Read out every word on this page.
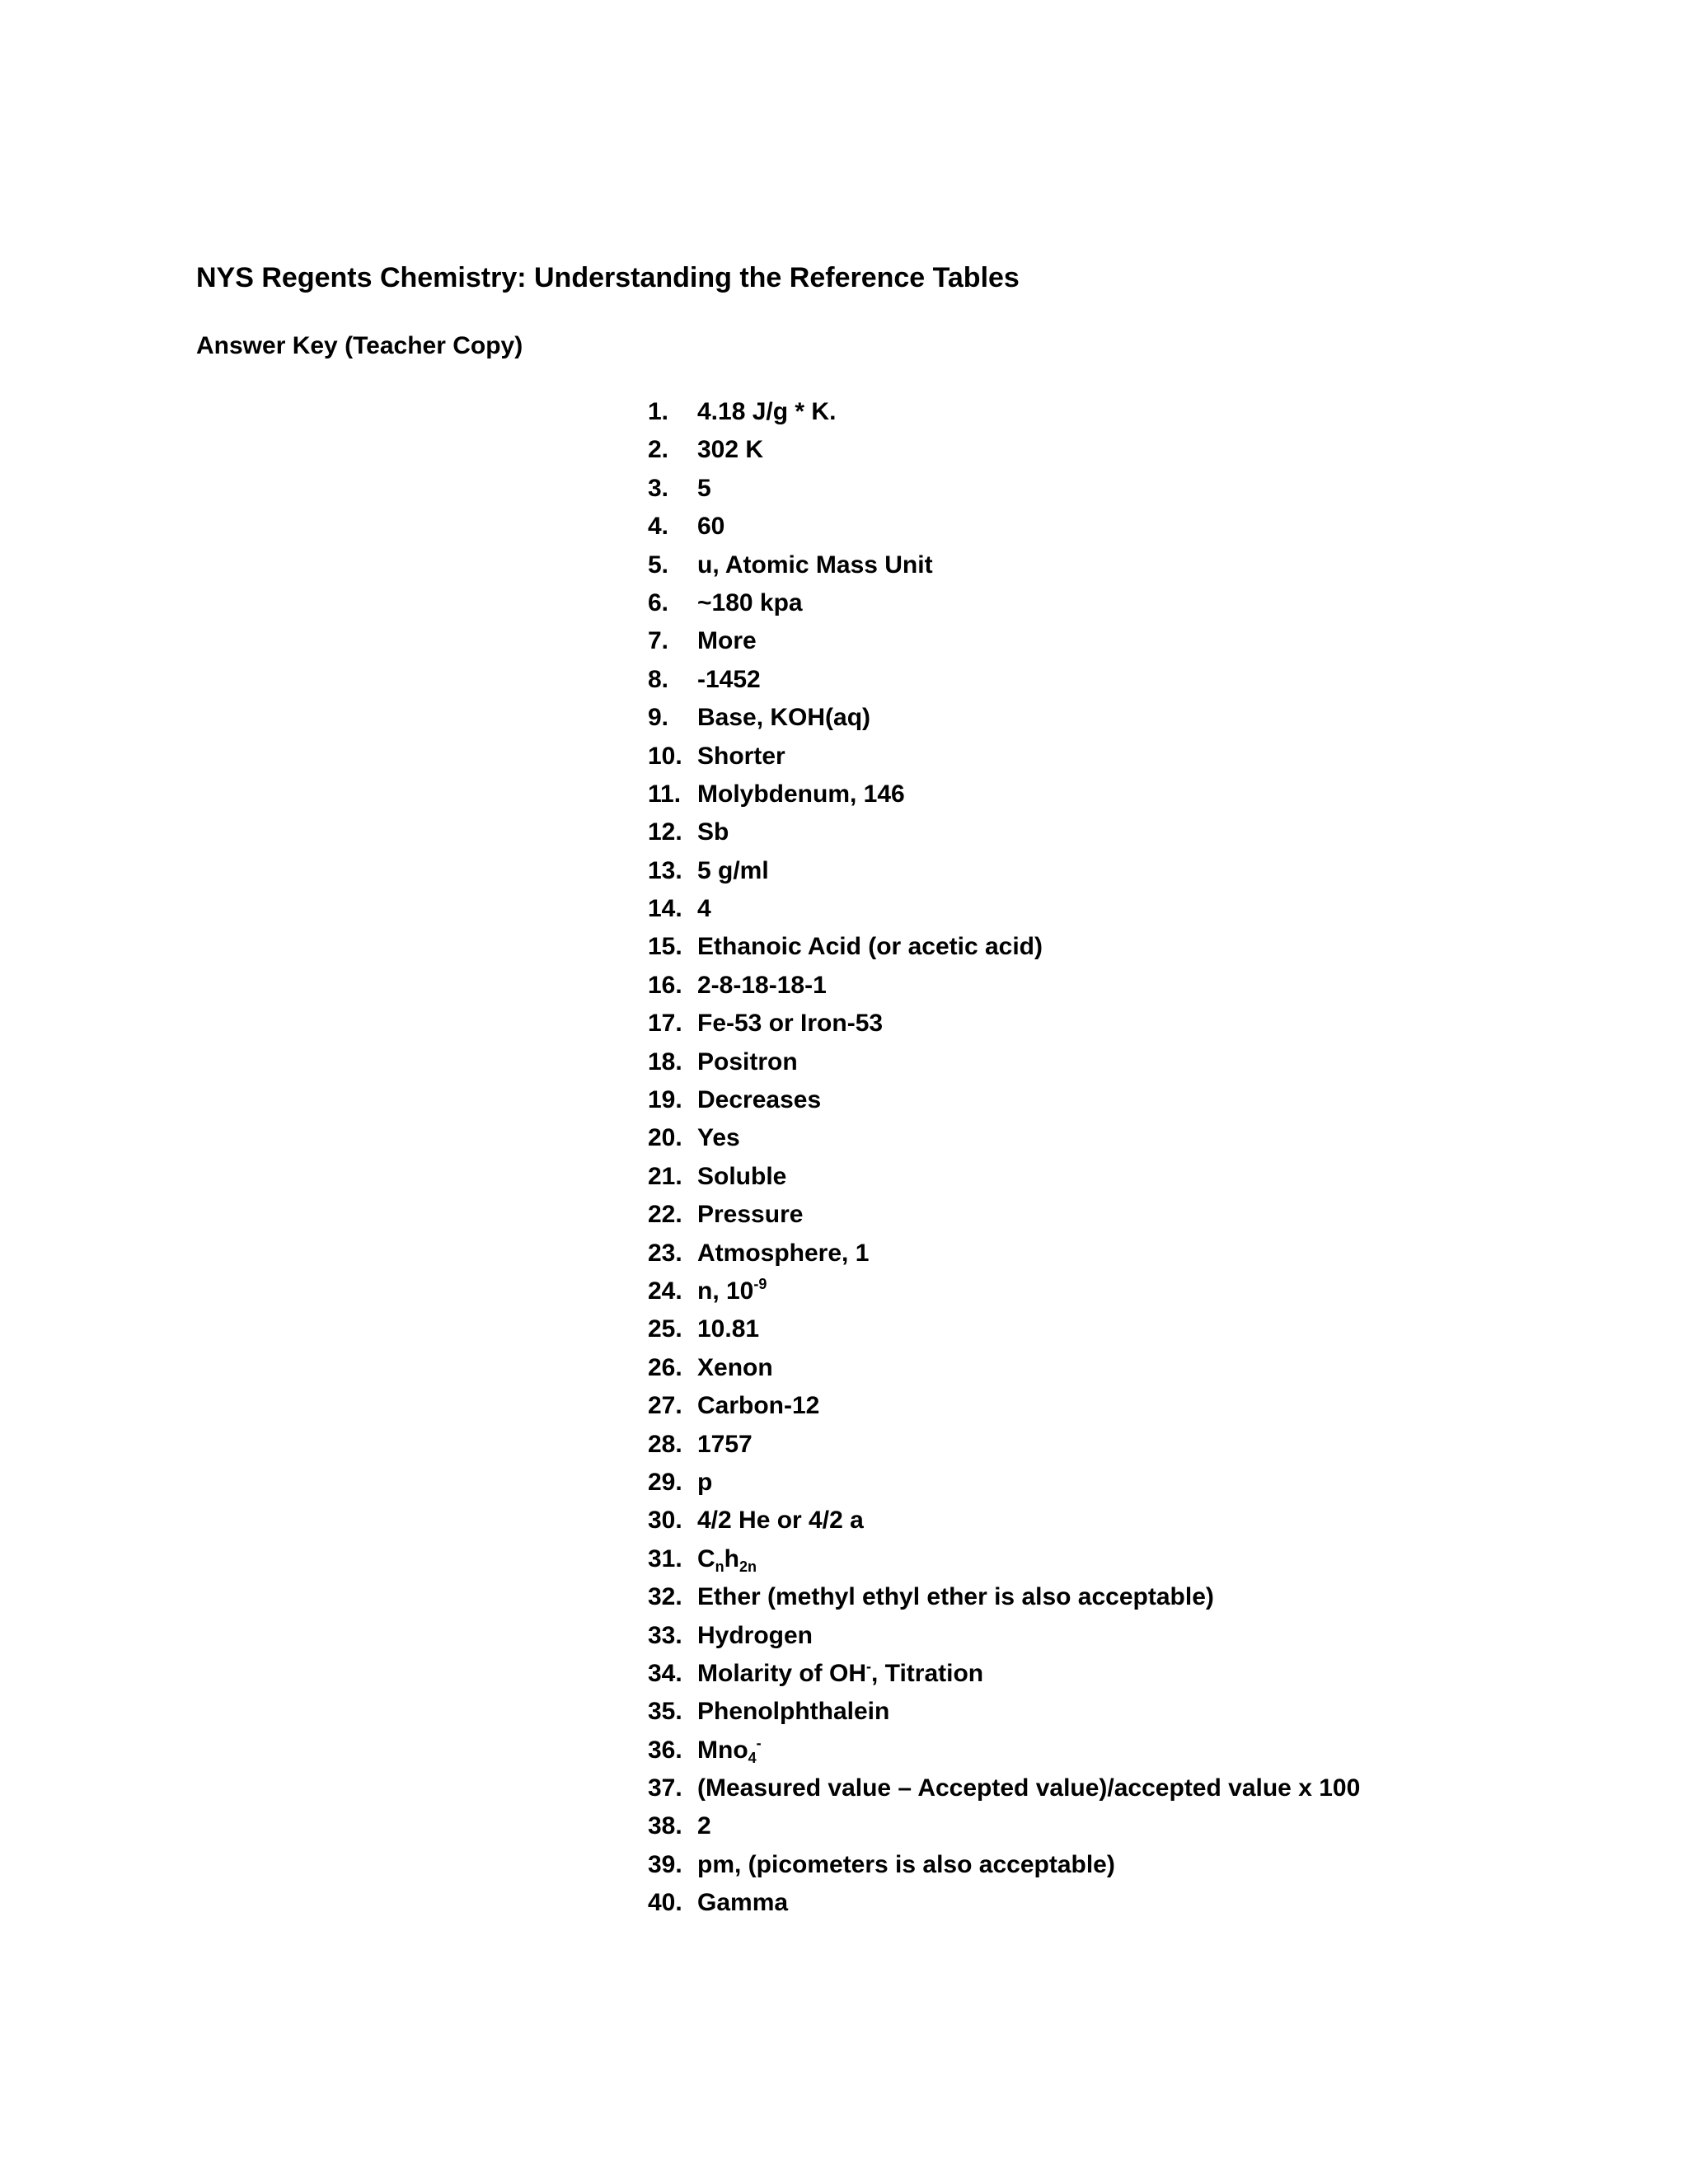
NYS Regents Chemistry: Understanding the Reference Tables
Answer Key (Teacher Copy)
1. 4.18 J/g * K.
2. 302 K
3. 5
4. 60
5. u, Atomic Mass Unit
6. ~180 kpa
7. More
8. -1452
9. Base, KOH(aq)
10. Shorter
11. Molybdenum, 146
12. Sb
13. 5 g/ml
14. 4
15. Ethanoic Acid (or acetic acid)
16. 2-8-18-18-1
17. Fe-53 or Iron-53
18. Positron
19. Decreases
20. Yes
21. Soluble
22. Pressure
23. Atmosphere, 1
24. n, $10^{-9}$
25. 10.81
26. Xenon
27. Carbon-12
28. 1757
29. p
30. 4/2 He or 4/2 a
31. $C_nh_{2n}$
32. Ether (methyl ethyl ether is also acceptable)
33. Hydrogen
34. Molarity of OH-, Titration
35. Phenolphthalein
36. Mno$_4$-
37. (Measured value – Accepted value)/accepted value x 100
38. 2
39. pm, (picometers is also acceptable)
40. Gamma
